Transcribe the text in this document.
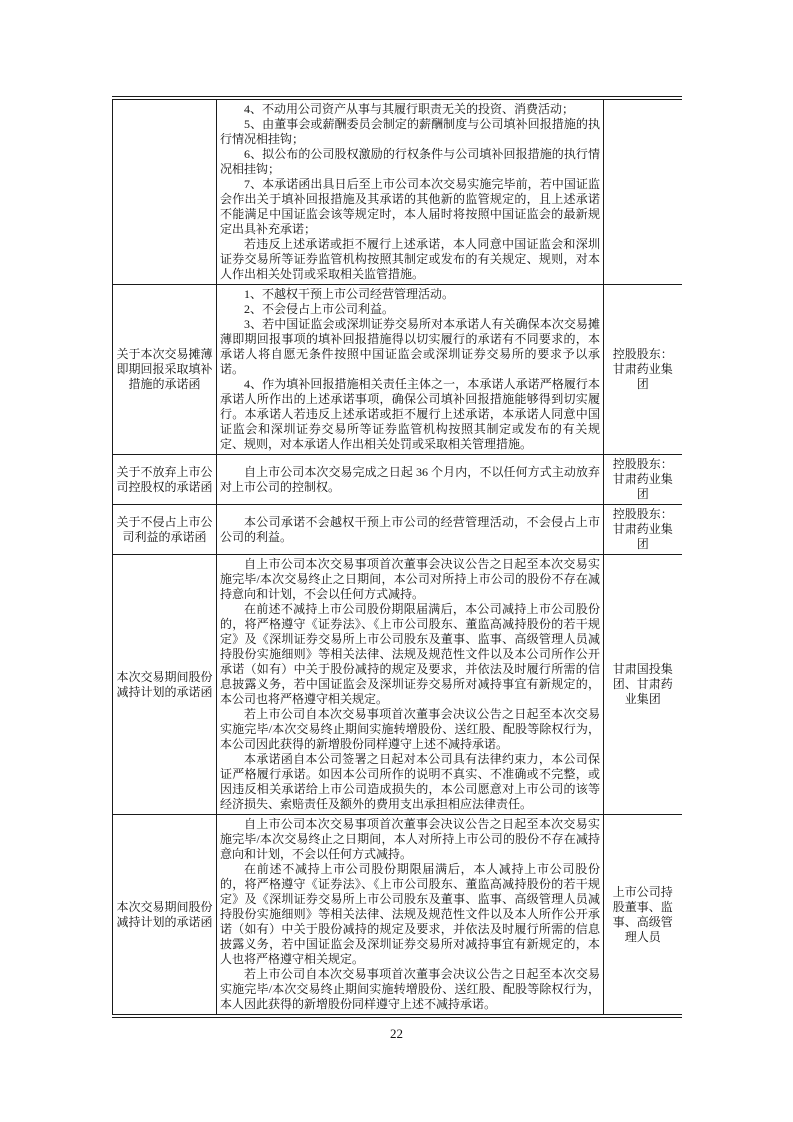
	4、不动用公司资产从事与其履行职责无关的投资、消费活动；

5、由董事会或薪酬委员会制定的薪酬制度与公司填补回报措施的执行情况相挂钩；

6、拟公布的公司股权激励的行权条件与公司填补回报措施的执行情况相挂钩；

7、本承诺函出具日后至上市公司本次交易实施完毕前，若中国证监会作出关于填补回报措施及其承诺的其他新的监管规定的，且上述承诺不能满足中国证监会该等规定时，本人届时将按照中国证监会的最新规定出具补充承诺；

若违反上述承诺或拒不履行上述承诺，本人同意中国证监会和深圳证券交易所等证券监管机构按照其制定或发布的有关规定、规则，对本人作出相关处罚或采取相关监管措施。	

关于本次交易摊薄即期回报采取填补措施的承诺函	1、不越权干预上市公司经营管理活动。

2、不会侵占上市公司利益。

3、若中国证监会或深圳证券交易所对本承诺人有关确保本次交易摊薄即期回报事项的填补回报措施得以切实履行的承诺有不同要求的，本承诺人将自愿无条件按照中国证监会或深圳证券交易所的要求予以承诺。

4、作为填补回报措施相关责任主体之一，本承诺人承诺严格履行本承诺人所作出的上述承诺事项，确保公司填补回报措施能够得到切实履行。本承诺人若违反上述承诺或拒不履行上述承诺，本承诺人同意中国证监会和深圳证券交易所等证券监管机构按照其制定或发布的有关规定、规则，对本承诺人作出相关处罚或采取相关管理措施。	控股股东：甘肃药业集团
关于不放弃上市公司控股权的承诺函	自上市公司本次交易完成之日起 36 个月内，不以任何方式主动放弃对上市公司的控制权。	控股股东：甘肃药业集团
关于不侵占上市公司利益的承诺函	本公司承诺不会越权干预上市公司的经营管理活动，不会侵占上市公司的利益。	控股股东：甘肃药业集团
本次交易期间股份减持计划的承诺函	自上市公司本次交易事项首次董事会决议公告之日起至本次交易实施完毕/本次交易终止之日期间，本公司对所持上市公司的股份不存在减持意向和计划，不会以任何方式减持。

在前述不减持上市公司股份期限届满后，本公司减持上市公司股份的，将严格遵守《证券法》、《上市公司股东、董监高减持股份的若干规定》及《深圳证券交易所上市公司股东及董事、监事、高级管理人员减持股份实施细则》等相关法律、法规及规范性文件以及本公司所作公开承诺（如有）中关于股份减持的规定及要求，并依法及时履行所需的信息披露义务，若中国证监会及深圳证券交易所对减持事宜有新规定的，本公司也将严格遵守相关规定。

若上市公司自本次交易事项首次董事会决议公告之日起至本次交易实施完毕/本次交易终止期间实施转增股份、送红股、配股等除权行为，本公司因此获得的新增股份同样遵守上述不减持承诺。

本承诺函自本公司签署之日起对本公司具有法律约束力，本公司保证严格履行承诺。如因本公司所作的说明不真实、不准确或不完整，或因违反相关承诺给上市公司造成损失的，本公司愿意对上市公司的该等经济损失、索赔责任及额外的费用支出承担相应法律责任。	甘肃国投集团、甘肃药业集团
本次交易期间股份减持计划的承诺函	自上市公司本次交易事项首次董事会决议公告之日起至本次交易实施完毕/本次交易终止之日期间，本人对所持上市公司的股份不存在减持意向和计划，不会以任何方式减持。

在前述不减持上市公司股份期限届满后，本人减持上市公司股份的，将严格遵守《证券法》、《上市公司股东、董监高减持股份的若干规定》及《深圳证券交易所上市公司股东及董事、监事、高级管理人员减持股份实施细则》等相关法律、法规及规范性文件以及本人所作公开承诺（如有）中关于股份减持的规定及要求，并依法及时履行所需的信息披露义务，若中国证监会及深圳证券交易所对减持事宜有新规定的，本人也将严格遵守相关规定。

若上市公司自本次交易事项首次董事会决议公告之日起至本次交易实施完毕/本次交易终止期间实施转增股份、送红股、配股等除权行为，本人因此获得的新增股份同样遵守上述不减持承诺。	上市公司持股董事、监事、高级管理人员
22
